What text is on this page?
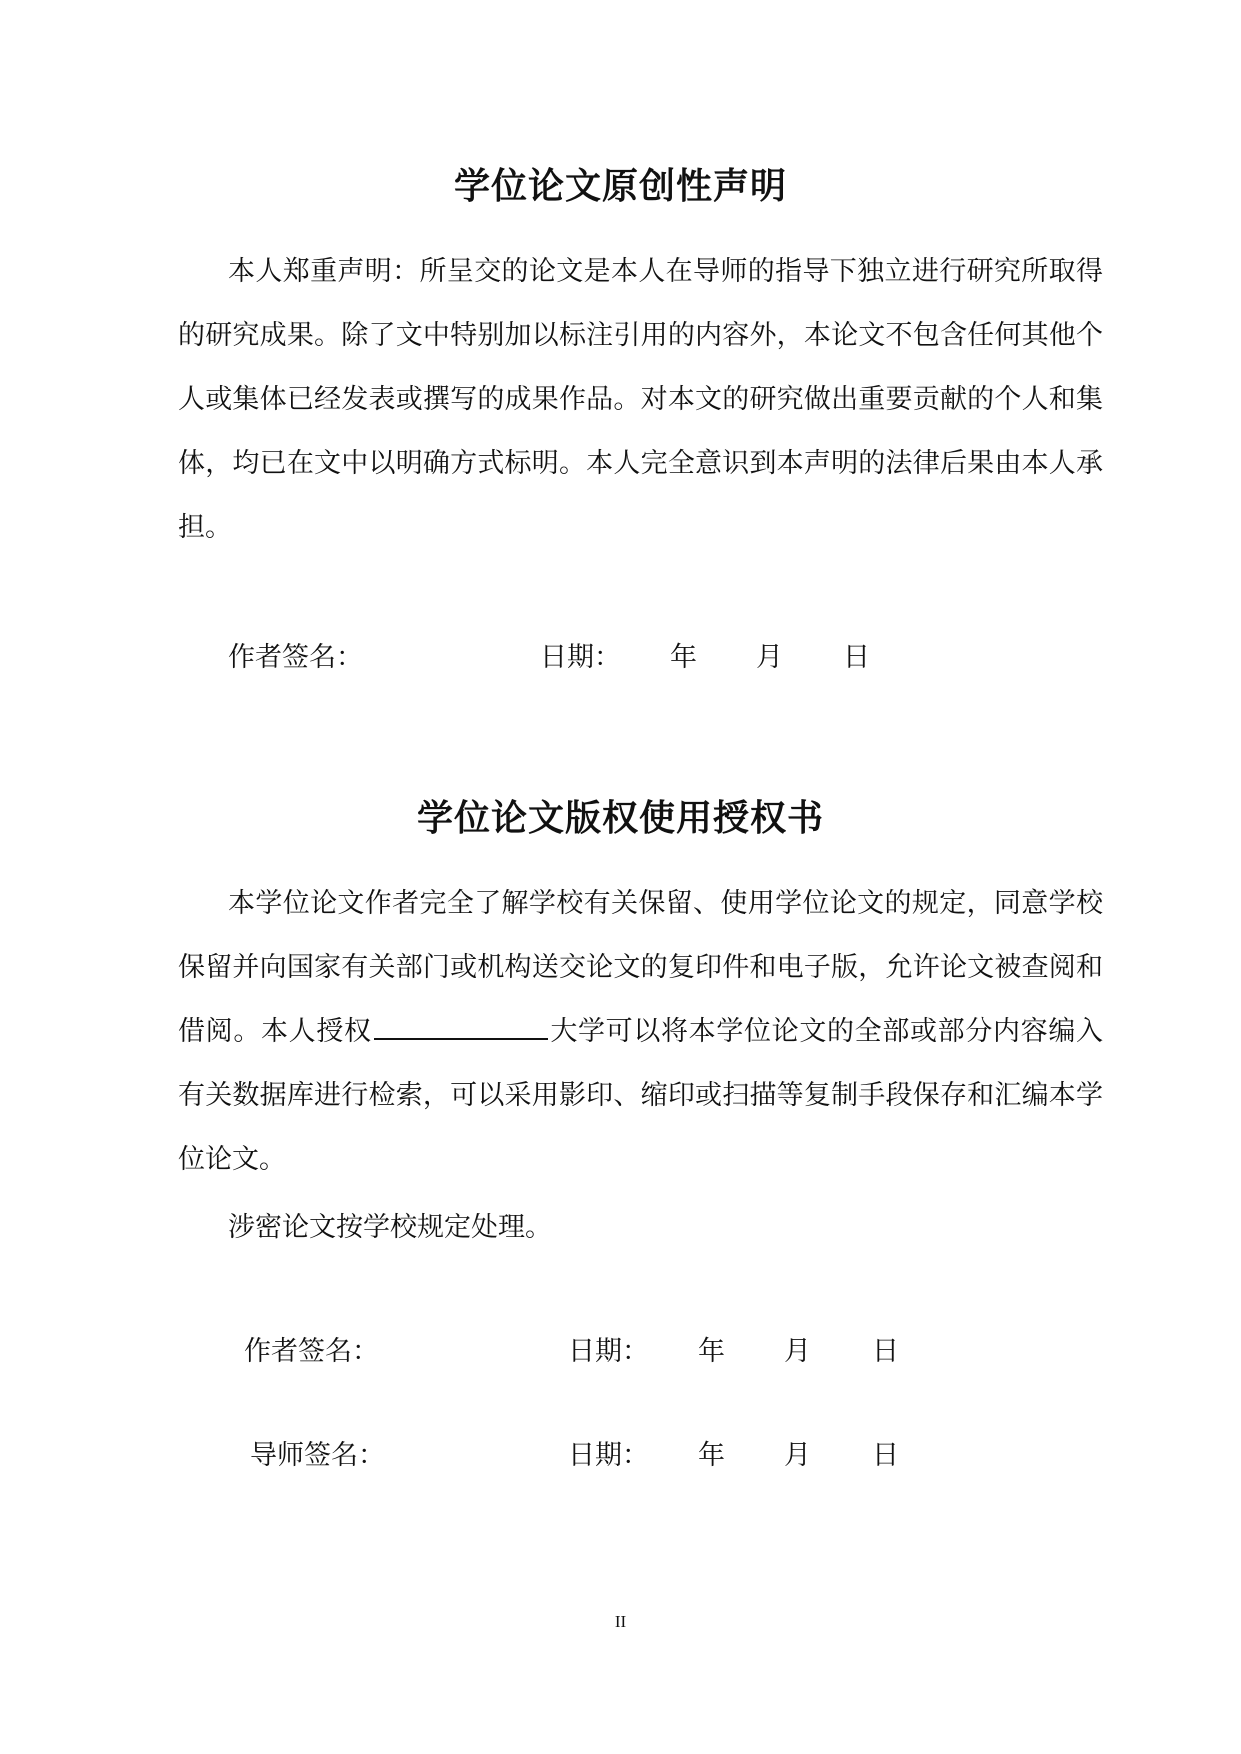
学位论文原创性声明

本人郑重声明：所呈交的论文是本人在导师的指导下独立进行研究所取得的研究成果。除了文中特别加以标注引用的内容外，本论文不包含任何其他个人或集体已经发表或撰写的成果作品。对本文的研究做出重要贡献的个人和集体，均已在文中以明确方式标明。本人完全意识到本声明的法律后果由本人承担。

作者签名：	日期： 年 月 日
学位论文版权使用授权书

本学位论文作者完全了解学校有关保留、使用学位论文的规定，同意学校保留并向国家有关部门或机构送交论文的复印件和电子版，允许论文被查阅和借阅。本人授权	大学可以将本学位论文的全部或部分内容编入有关数据库进行检索，可以采用影印、缩印或扫描等复制手段保存和汇编本学位论文。

涉密论文按学校规定处理。
作者签名：	日期： 年 月 日
导师签名：	日期： 年 月 日
II
